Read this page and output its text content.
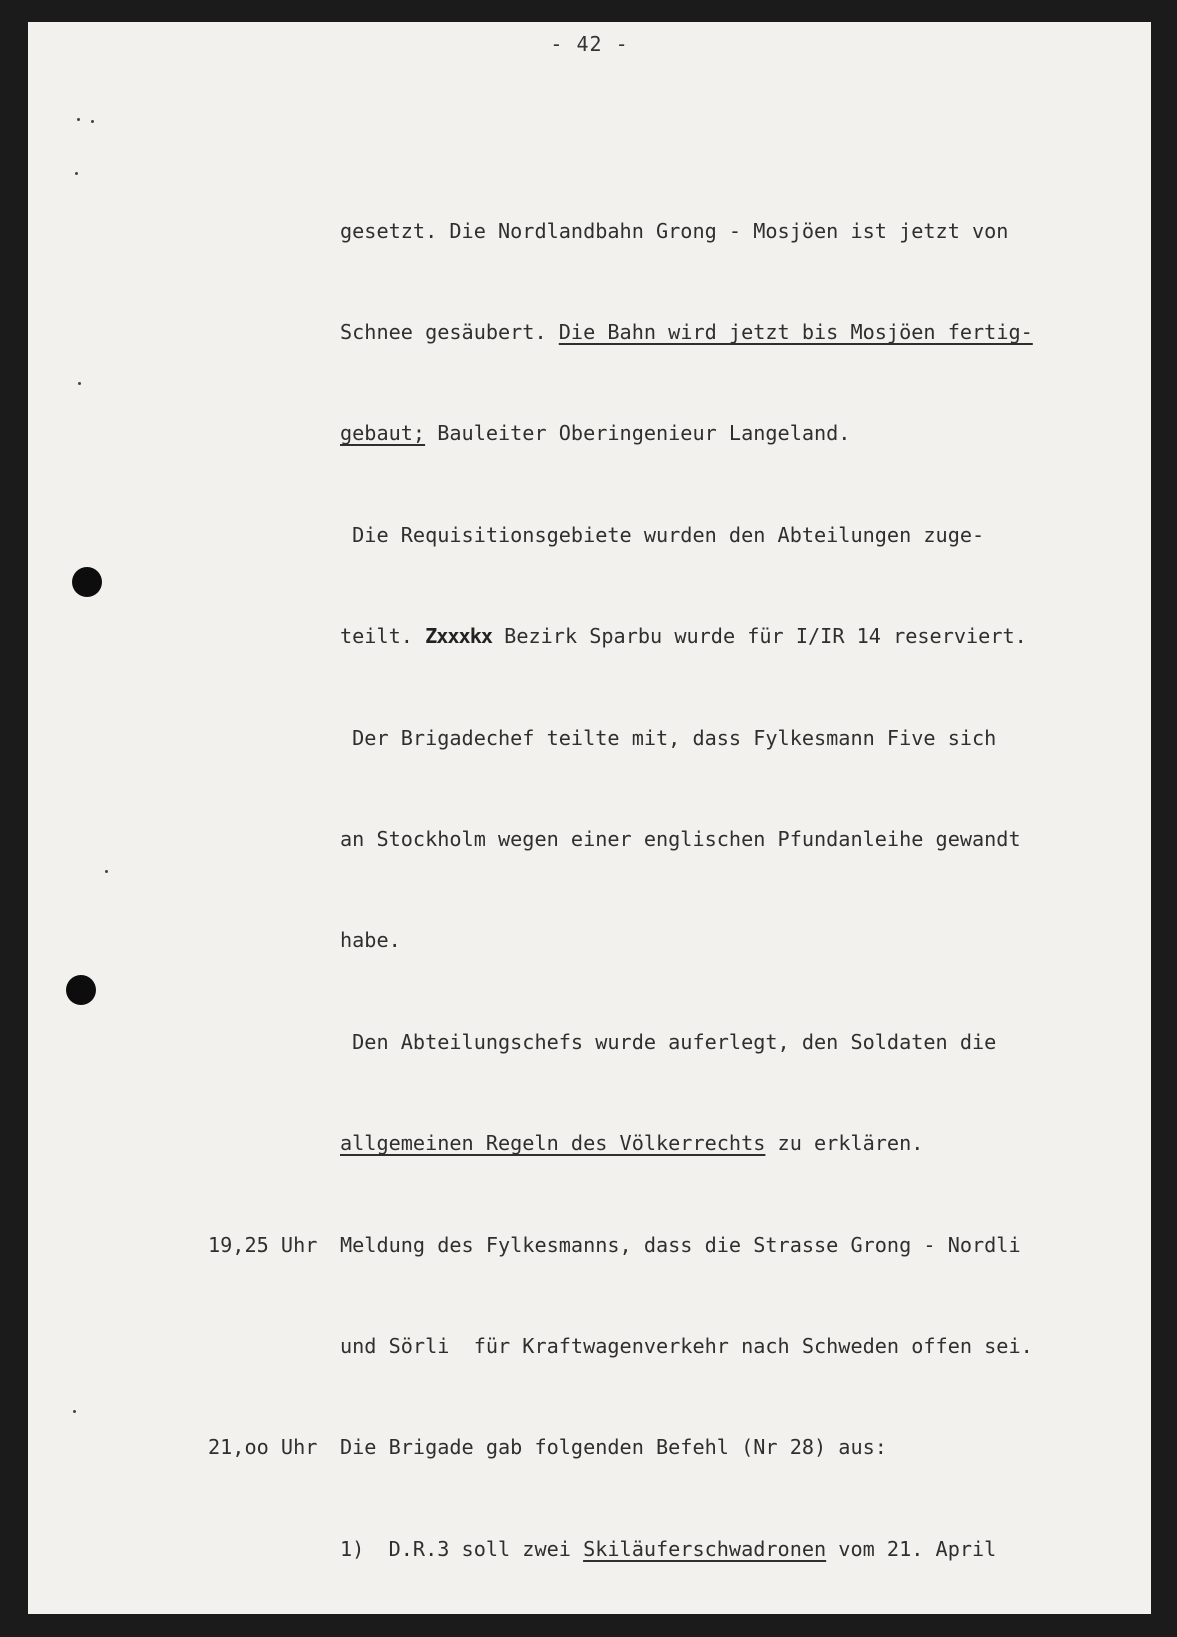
- 42 -

gesetzt. Die Nordlandbahn Grong - Mosjöen ist jetzt von

Schnee gesäubert. Die Bahn wird jetzt bis Mosjöen fertig-

gebaut; Bauleiter Oberingenieur Langeland.

Die Requisitionsgebiete wurden den Abteilungen zuge-

teilt. Zxxxkx Bezirk Sparbu wurde für I/IR 14 reserviert.

Der Brigadechef teilte mit, dass Fylkesmann Five sich

an Stockholm wegen einer englischen Pfundanleihe gewandt

habe.

Den Abteilungschefs wurde auferlegt, den Soldaten die

allgemeinen Regeln des Völkerrechts zu erklären.

19,25 Uhr Meldung des Fylkesmanns, dass die Strasse Grong - Nordli

und Sörli  für Kraftwagenverkehr nach Schweden offen sei.

21,oo Uhr Die Brigade gab folgenden Befehl (Nr 28) aus:

1)  D.R.3 soll zwei Skiläuferschwadronen vom 21. April
